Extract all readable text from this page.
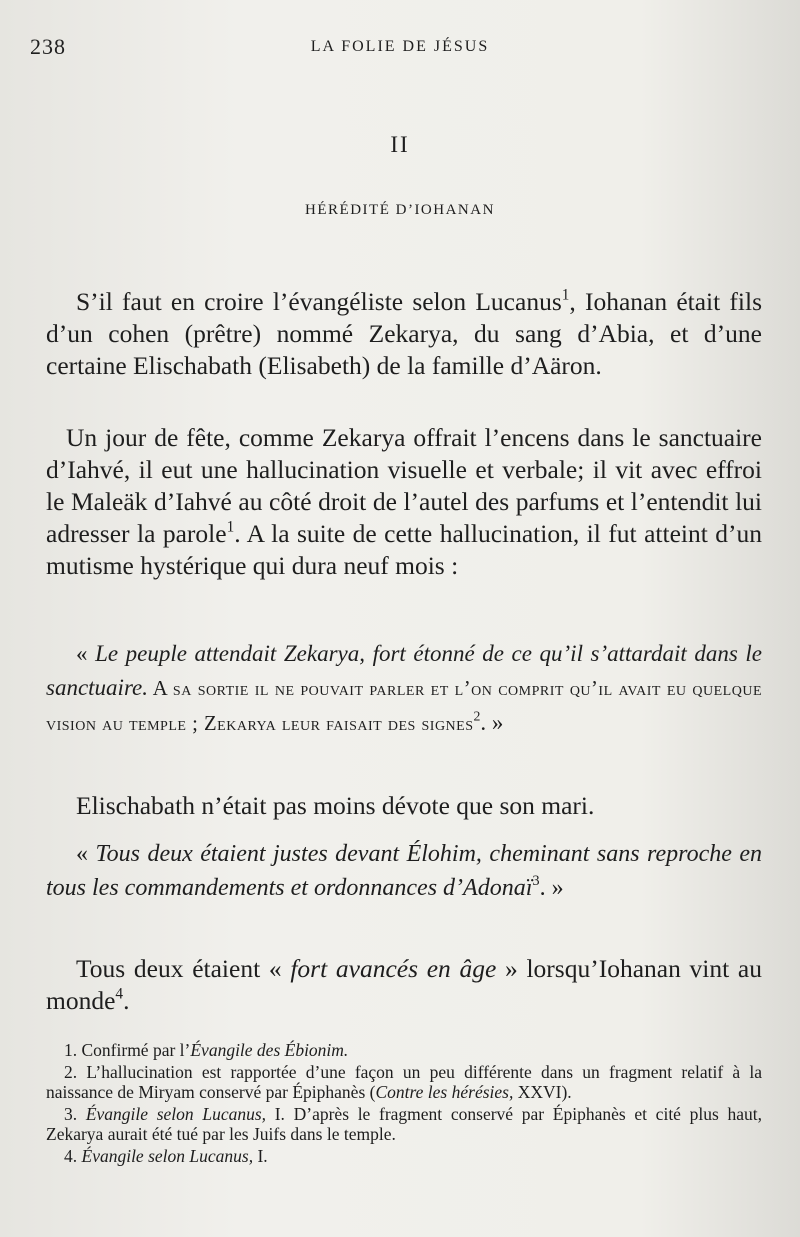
238	LA FOLIE DE JÉSUS
II
HÉRÉDITÉ D’IOHANAN

S’il faut en croire l’évangéliste selon Lucanus$^1$, Iohanan était fils d’un cohen (prêtre) nommé Zekarya, du sang d’Abia, et d’une certaine Elischabath (Elisabeth) de la famille d’Aäron.

Un jour de fête, comme Zekarya offrait l’encens dans le sanctuaire d’Iahvé, il eut une hallucination visuelle et verbale; il vit avec effroi le Maleäk d’Iahvé au côté droit de l’autel des parfums et l’entendit lui adresser la parole$^1$. A la suite de cette hallucination, il fut atteint d’un mutisme hystérique qui dura neuf mois :

« Le peuple attendait Zekarya, fort étonné de ce qu’il s’attardait dans le sanctuaire. A sa sortie il ne pouvait parler et l’on comprit qu’il avait eu quelque vision au temple ; Zekarya leur faisait des signes$^2$. »

Elischabath n’était pas moins dévote que son mari.

« Tous deux étaient justes devant Élohim, cheminant sans reproche en tous les commandements et ordonnances d’Adonaï$^3$. »

Tous deux étaient « fort avancés en âge » lorsqu’Iohanan vint au monde$^4$.

1. Confirmé par l’Évangile des Ébionim.
2. L’hallucination est rapportée d’une façon un peu différente dans un fragment relatif à la naissance de Miryam conservé par Épiphanès (Contre les hérésies, XXVI).
3. Évangile selon Lucanus, I. D’après le fragment conservé par Épiphanès et cité plus haut, Zekarya aurait été tué par les Juifs dans le temple.
4. Évangile selon Lucanus, I.
